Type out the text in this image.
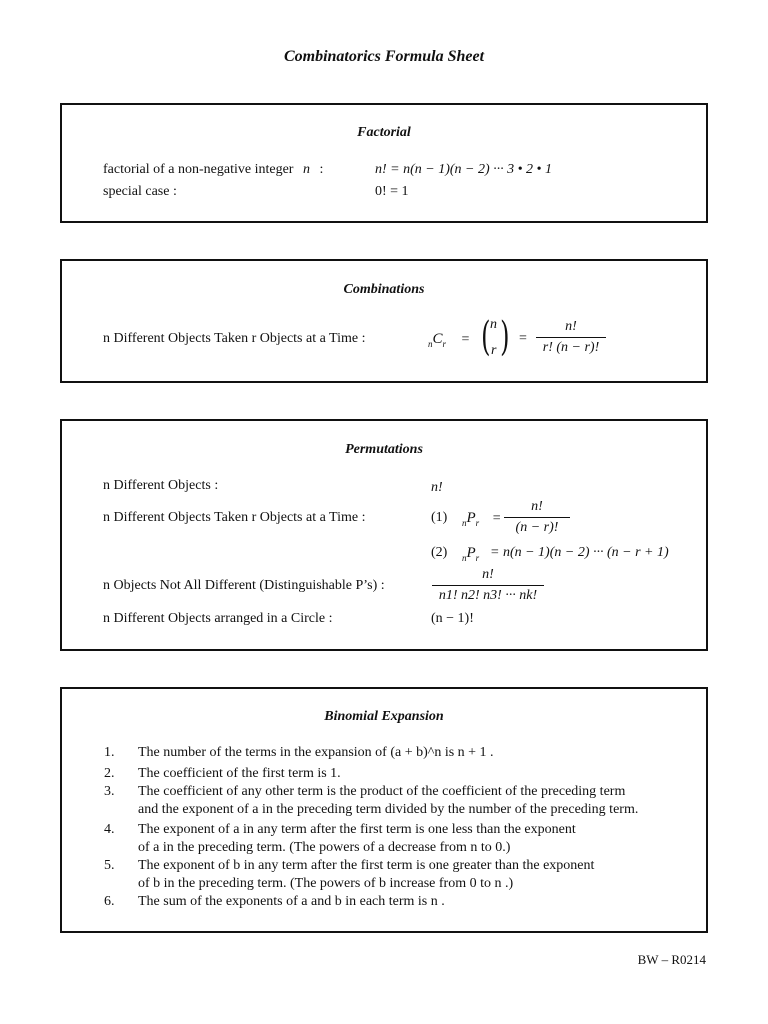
Combinatorics Formula Sheet
Factorial
factorial of a non-negative integer n :	n! = n(n − 1)(n − 2) ··· 3 • 2 • 1
special case :	0! = 1
Combinations
n Different Objects Taken r Objects at a Time :	$_nC_r$ = ( n
r ) =
n!
r! (n − r)!
Permutations
n Different Objects :	n!
n Different Objects Taken r Objects at a Time :	(1) $_nP_r$ =
n!
(n − r)!
(2) $_nP_r = n(n - 1)(n - 2)$ ··· (n − r + 1)
n Objects Not All Different (Distinguishable P’s) :
n!
n1! n2! n3! ··· nk!
n Different Objects arranged in a Circle :	(n − 1)!
Binomial Expansion
1. The number of the terms in the expansion of (a + b)^n is n + 1 .
2. The coefficient of the first term is 1.
3. The coefficient of any other term is the product of the coefficient of the preceding term
and the exponent of a in the preceding term divided by the number of the preceding term.
4. The exponent of a in any term after the first term is one less than the exponent
of a in the preceding term. (The powers of a decrease from n to 0.)
5. The exponent of b in any term after the first term is one greater than the exponent
of b in the preceding term. (The powers of b increase from 0 to n .)
6. The sum of the exponents of a and b in each term is n .
BW – R0214
